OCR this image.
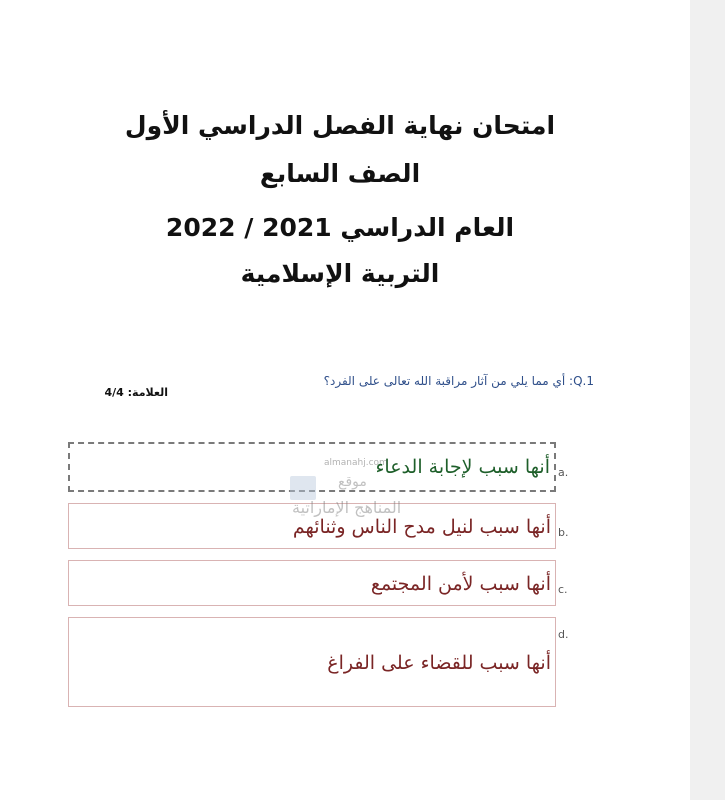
امتحان نهاية الفصل الدراسي الأول
الصف السابع
العام الدراسي 2021 / 2022
التربية الإسلامية
Q.1: أي مما يلي من آثار مراقبة الله تعالى على الفرد؟
العلامة: 4/4
أنها سبب لإجابة الدعاء a.
أنها سبب لنيل مدح الناس وثنائهم b.
أنها سبب لأمن المجتمع c.
أنها سبب للقضاء على الفراغ
d.
almanahj.com
موقع
المناهج الإماراتية
